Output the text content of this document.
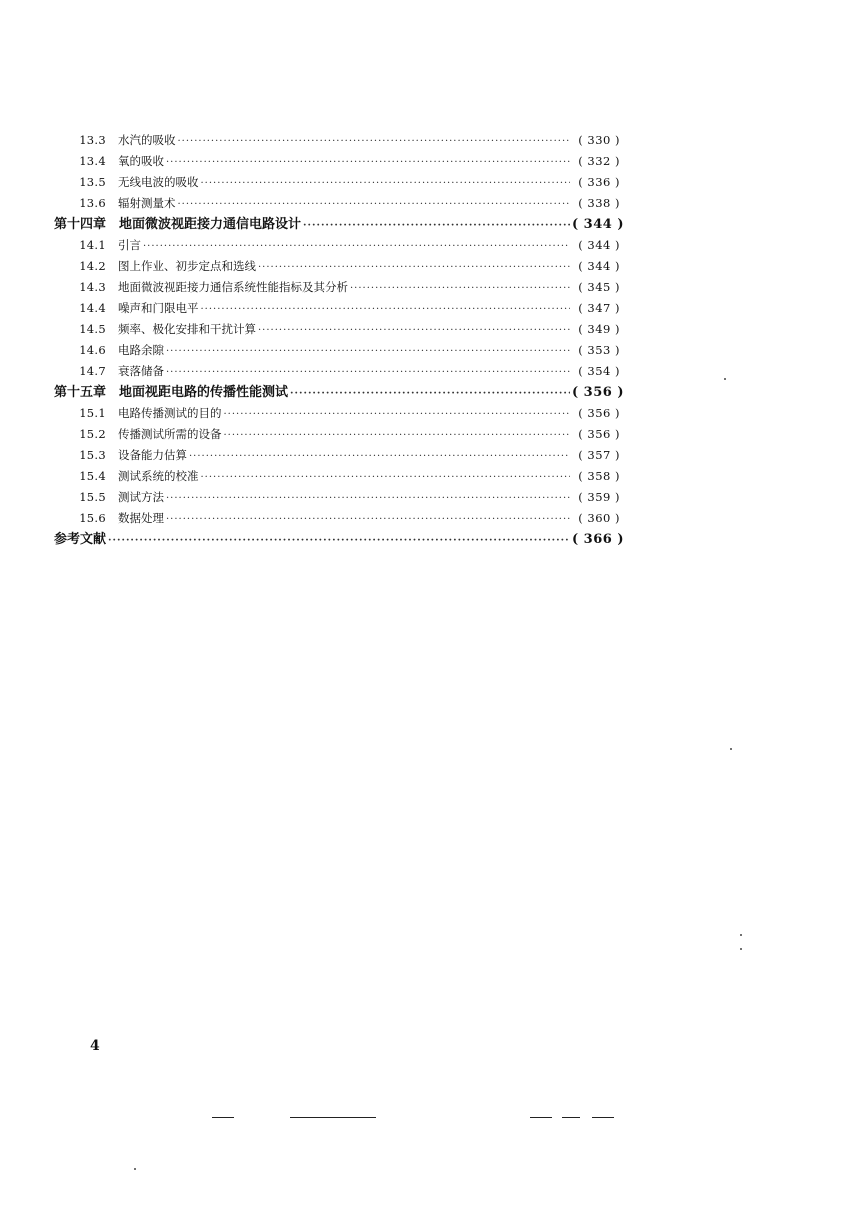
13.3 水汽的吸收 ·····	( 330 )
13.4 氧的吸收 ·····	( 332 )
13.5 无线电波的吸收 ·····	( 336 )
13.6 辐射测量术 ·····	( 338 )
第十四章　地面微波视距接力通信电路设计 ·····	( 344 )
14.1 引言 ·····	( 344 )
14.2 图上作业、初步定点和选线 ·····	( 344 )
14.3 地面微波视距接力通信系统性能指标及其分析 ·····	( 345 )
14.4 噪声和门限电平 ·····	( 347 )
14.5 频率、极化安排和干扰计算 ·····	( 349 )
14.6 电路余隙 ·····	( 353 )
14.7 衰落储备 ·····	( 354 )
第十五章　地面视距电路的传播性能测试 ·····	( 356 )
15.1 电路传播测试的目的 ·····	( 356 )
15.2 传播测试所需的设备 ·····	( 356 )
15.3 设备能力估算 ·····	( 357 )
15.4 测试系统的校准 ·····	( 358 )
15.5 测试方法 ·····	( 359 )
15.6 数据处理 ·····	( 360 )
参考文献 ·····	( 366 )
4
